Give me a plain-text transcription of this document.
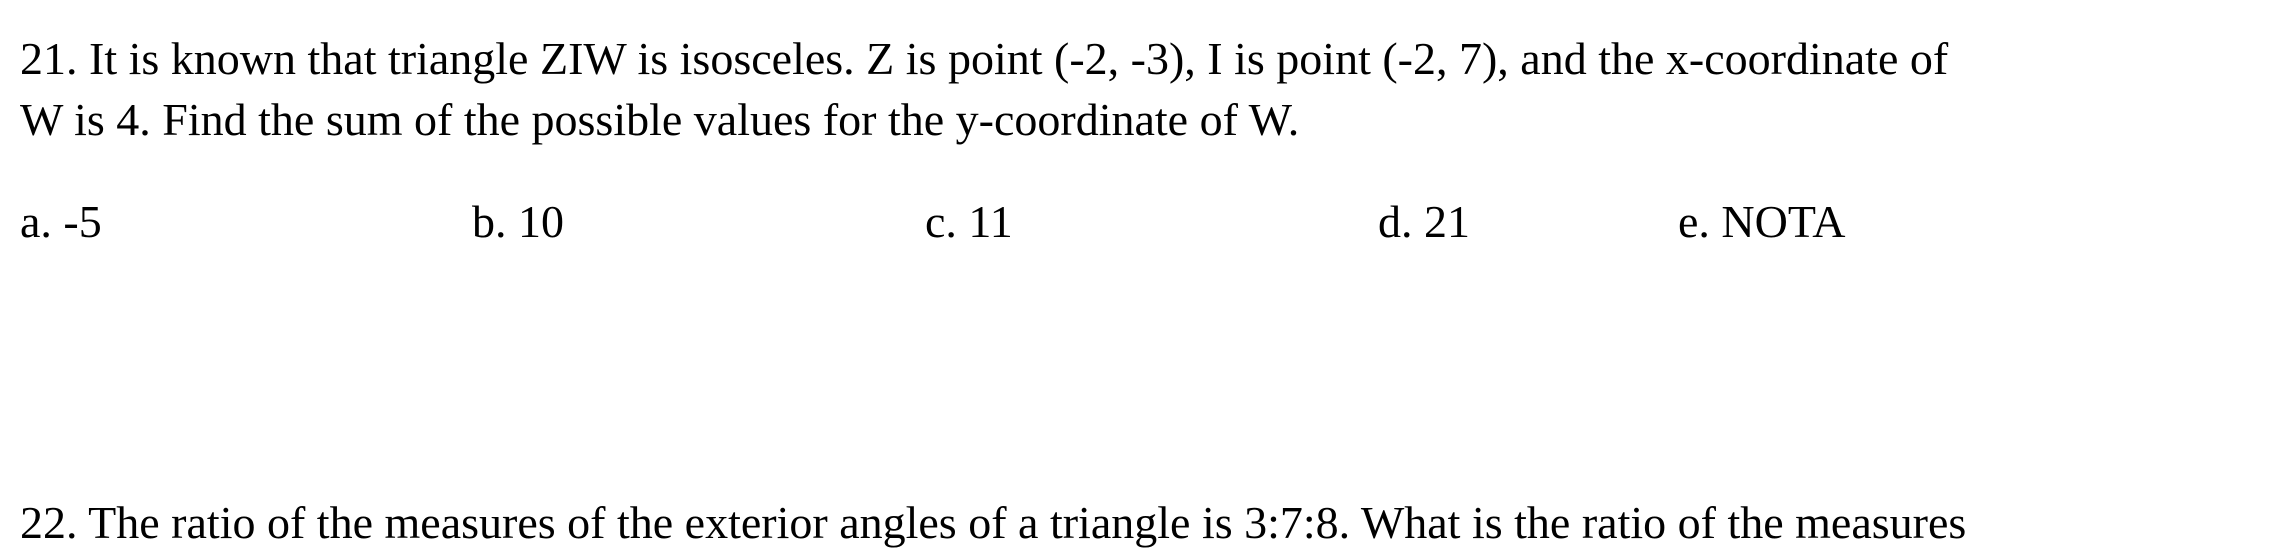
21. It is known that triangle ZIW is isosceles. Z is point (-2, -3), I is point (-2, 7), and the x-coordinate of
W is 4. Find the sum of the possible values for the y-coordinate of W.

a. -5	b. 10	c. 11	d. 21	e. NOTA
22. The ratio of the measures of the exterior angles of a triangle is 3:7:8. What is the ratio of the measures
